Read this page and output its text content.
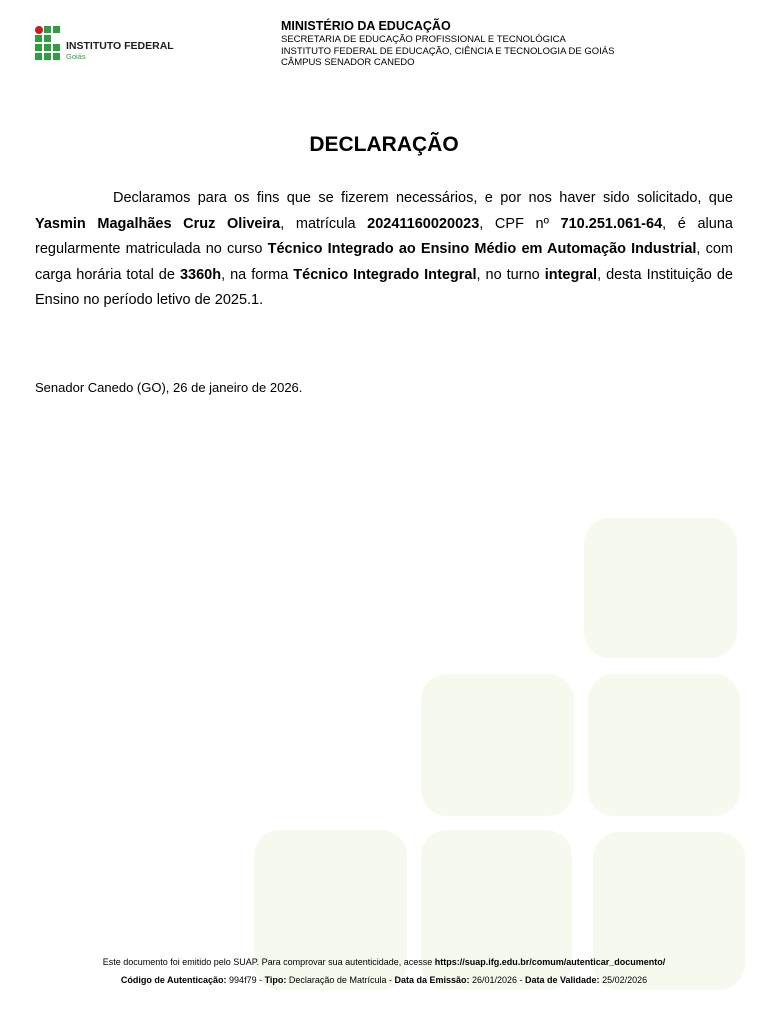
INSTITUTO FEDERAL
Goiás
MINISTÉRIO DA EDUCAÇÃO
SECRETARIA DE EDUCAÇÃO PROFISSIONAL E TECNOLÓGICA
INSTITUTO FEDERAL DE EDUCAÇÃO, CIÊNCIA E TECNOLOGIA DE GOIÁS
CÂMPUS SENADOR CANEDO
DECLARAÇÃO
Declaramos para os fins que se fizerem necessários, e por nos haver sido solicitado, que Yasmin Magalhães Cruz Oliveira, matrícula 20241160020023, CPF nº 710.251.061-64, é aluna regularmente matriculada no curso Técnico Integrado ao Ensino Médio em Automação Industrial, com carga horária total de 3360h, na forma Técnico Integrado Integral, no turno integral, desta Instituição de Ensino no período letivo de 2025.1.
Senador Canedo (GO), 26 de janeiro de 2026.
Este documento foi emitido pelo SUAP. Para comprovar sua autenticidade, acesse https://suap.ifg.edu.br/comum/autenticar_documento/
Código de Autenticação: 994f79 - Tipo: Declaração de Matrícula - Data da Emissão: 26/01/2026 - Data de Validade: 25/02/2026
